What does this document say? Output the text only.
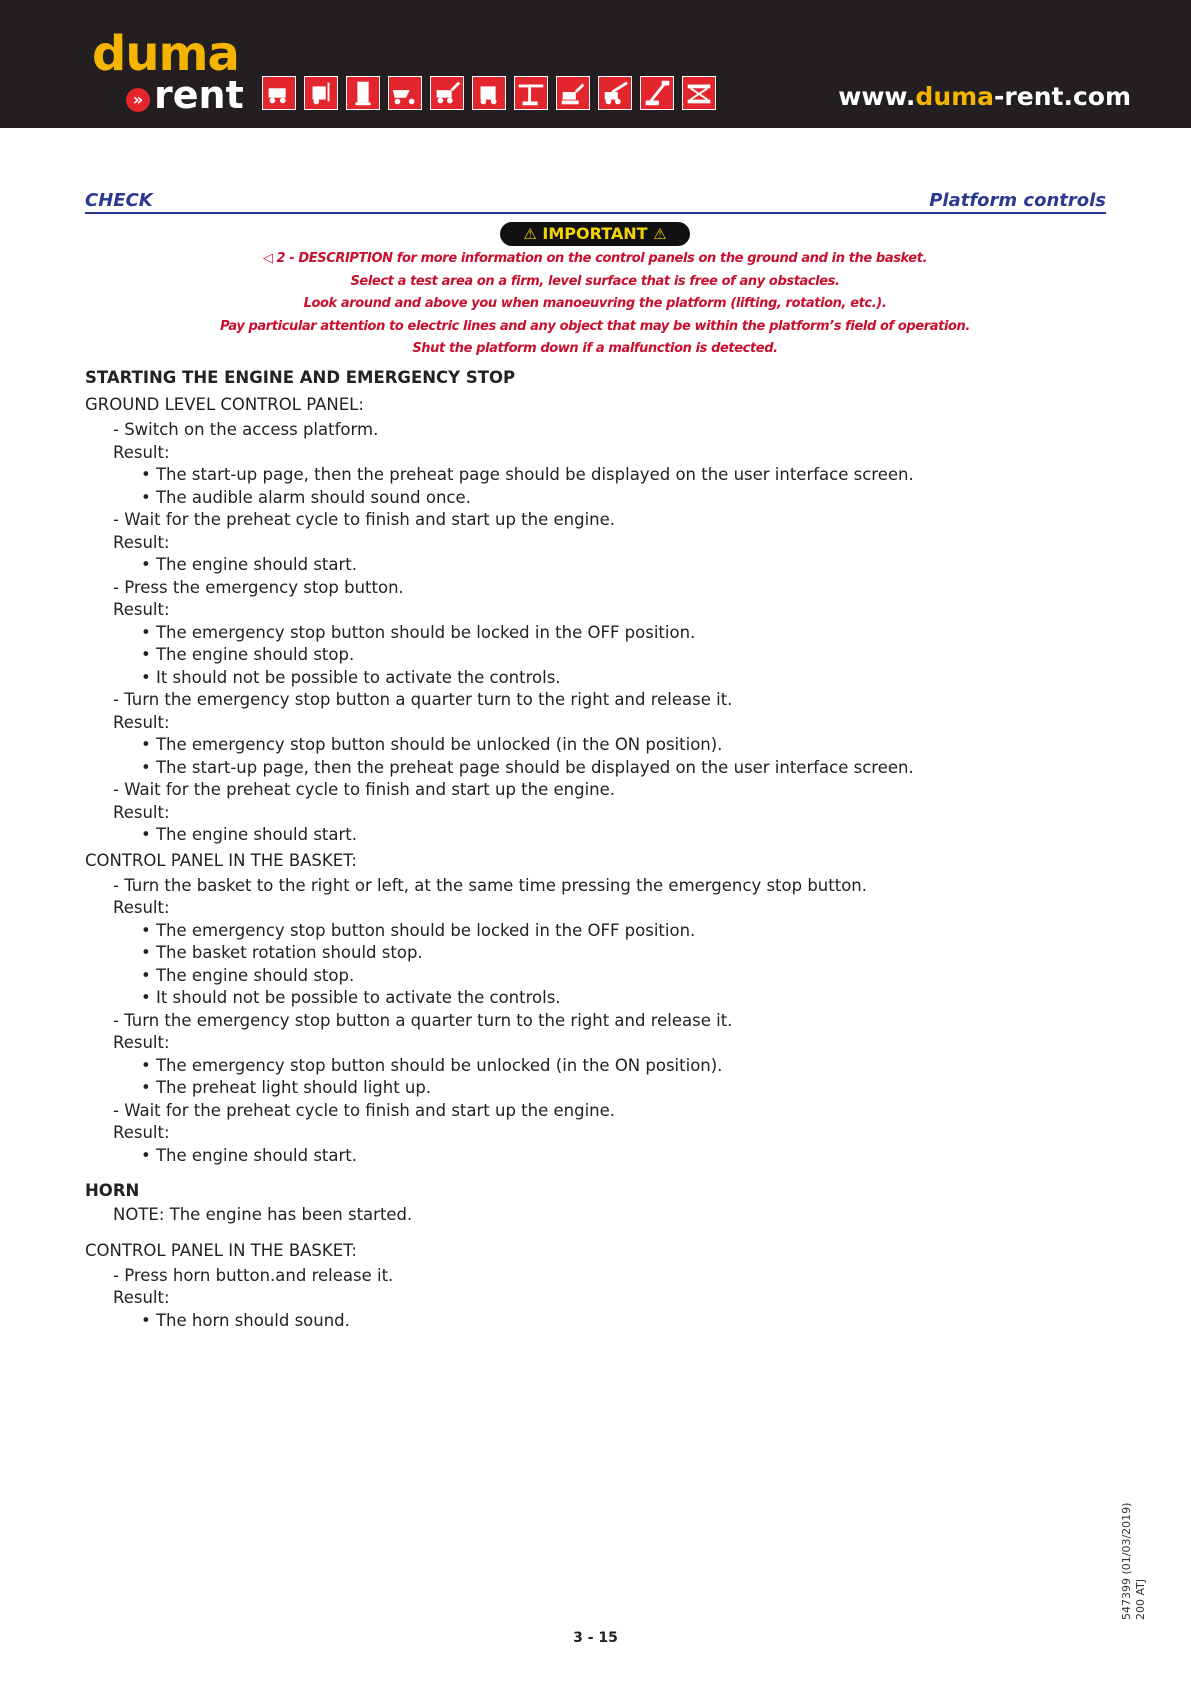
duma
» rent	www.duma-rent.com
CHECK	Platform controls
⚠ IMPORTANT ⚠
◁ 2 - DESCRIPTION for more information on the control panels on the ground and in the basket.
Select a test area on a firm, level surface that is free of any obstacles.
Look around and above you when manoeuvring the platform (lifting, rotation, etc.).
Pay particular attention to electric lines and any object that may be within the platform’s field of operation.
Shut the platform down if a malfunction is detected.
STARTING THE ENGINE AND EMERGENCY STOP
GROUND LEVEL CONTROL PANEL:
- Switch on the access platform.
Result:
• The start-up page, then the preheat page should be displayed on the user interface screen.
• The audible alarm should sound once.
- Wait for the preheat cycle to finish and start up the engine.
Result:
• The engine should start.
- Press the emergency stop button.
Result:
• The emergency stop button should be locked in the OFF position.
• The engine should stop.
• It should not be possible to activate the controls.
- Turn the emergency stop button a quarter turn to the right and release it.
Result:
• The emergency stop button should be unlocked (in the ON position).
• The start-up page, then the preheat page should be displayed on the user interface screen.
- Wait for the preheat cycle to finish and start up the engine.
Result:
• The engine should start.
CONTROL PANEL IN THE BASKET:
- Turn the basket to the right or left, at the same time pressing the emergency stop button.
Result:
• The emergency stop button should be locked in the OFF position.
• The basket rotation should stop.
• The engine should stop.
• It should not be possible to activate the controls.
- Turn the emergency stop button a quarter turn to the right and release it.
Result:
• The emergency stop button should be unlocked (in the ON position).
• The preheat light should light up.
- Wait for the preheat cycle to finish and start up the engine.
Result:
• The engine should start.
HORN
NOTE: The engine has been started.
CONTROL PANEL IN THE BASKET:
- Press horn button.and release it.
Result:
• The horn should sound.
547399 (01/03/2019) 200 ATJ
3 - 15
